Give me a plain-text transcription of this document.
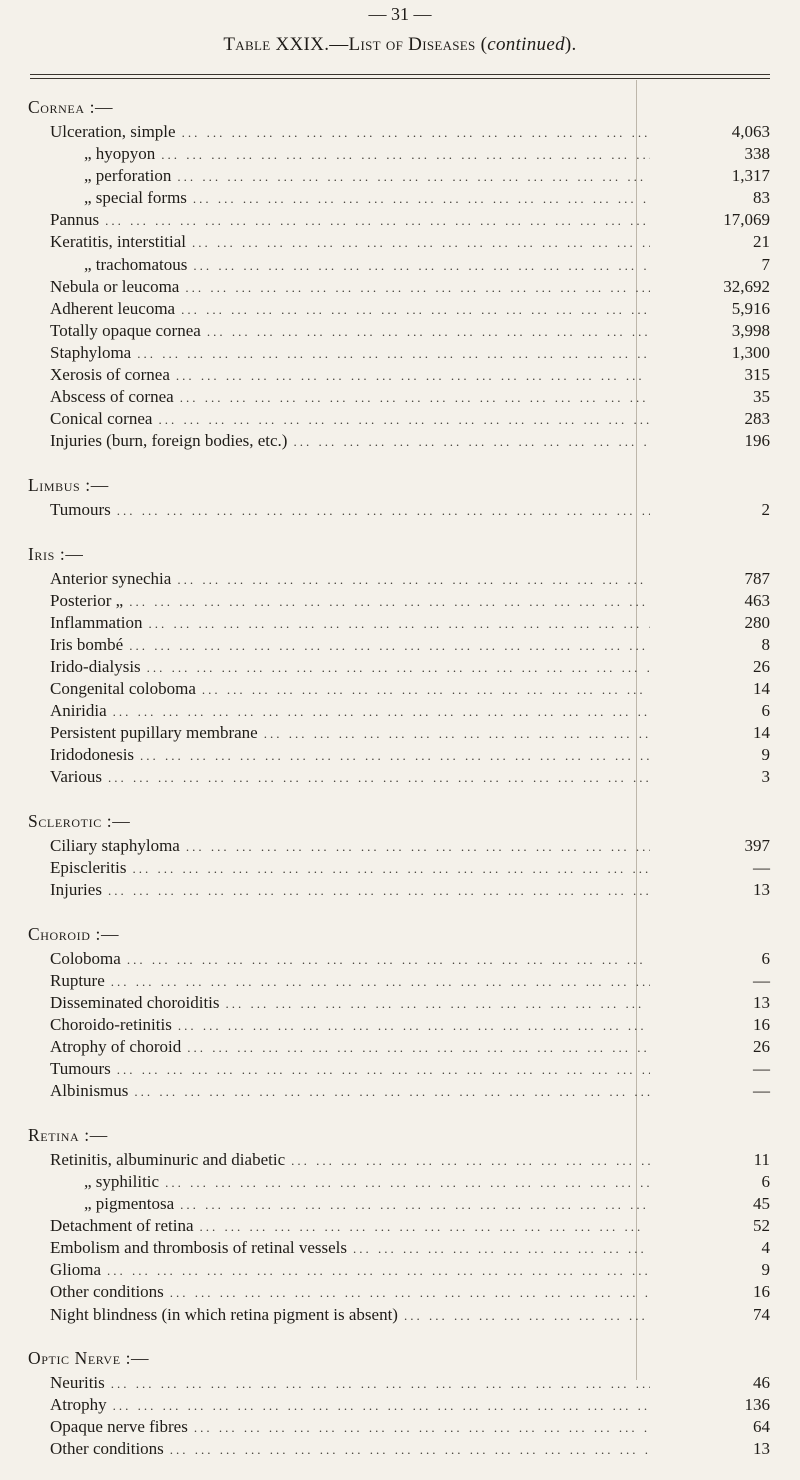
— 31 —
Table XXIX.—List of Diseases (continued).
Cornea :—
Ulceration, simple ... .	4,063
„ hyopyon ... .	338
„ perforation ... .	1,317
„ special forms ... .	83
Pannus ... .	17,069
Keratitis, interstitial ... .	21
„ trachomatous ... .	7
Nebula or leucoma ... .	32,692
Adherent leucoma ... .	5,916
Totally opaque cornea ... .	3,998
Staphyloma ... .	1,300
Xerosis of cornea ... .	315
Abscess of cornea ... .	35
Conical cornea ... .	283
Injuries (burn, foreign bodies, etc.) ... .	196
Limbus :—
Tumours ... .	2
Iris :—
Anterior synechia ... .	787
Posterior „ ... .	463
Inflammation ... .	280
Iris bombé ... .	8
Irido-dialysis ... .	26
Congenital coloboma ... .	14
Aniridia ... .	6
Persistent pupillary membrane ... .	14
Iridodonesis ... .	9
Various ... .	3
Sclerotic :—
Ciliary staphyloma ... .	397
Episcleritis ... .	—
Injuries ... .	13
Choroid :—
Coloboma ... .	6
Rupture ... .	—
Disseminated choroiditis ... .	13
Choroido-retinitis ... .	16
Atrophy of choroid ... .	26
Tumours ... .	—
Albinismus ... .	—
Retina :—
Retinitis, albuminuric and diabetic ... .	11
„ syphilitic ... .	6
„ pigmentosa ... .	45
Detachment of retina ... .	52
Embolism and thrombosis of retinal vessels ... .	4
Glioma ... .	9
Other conditions ... .	16
Night blindness (in which retina pigment is absent) ... .	74
Optic Nerve :—
Neuritis ... .	46
Atrophy ... .	136
Opaque nerve fibres ... .	64
Other conditions ... .	13
